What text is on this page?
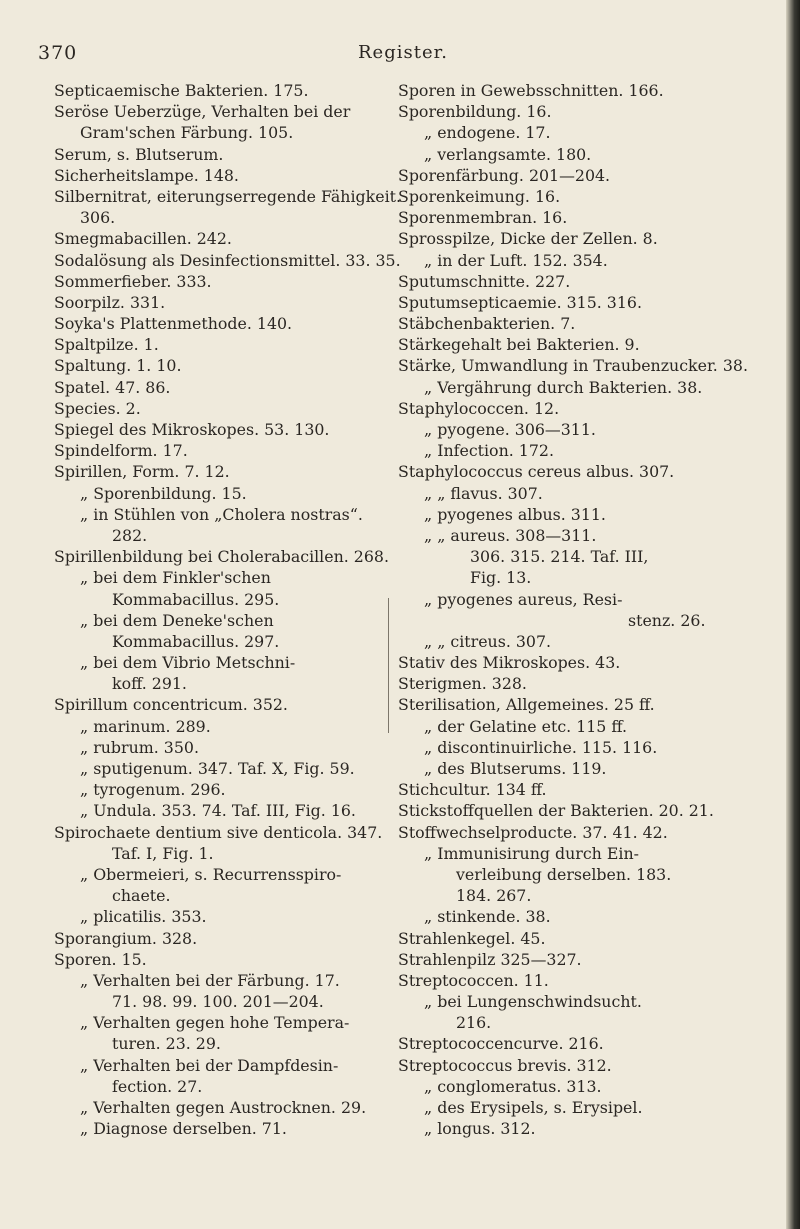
370	Register.
Septicaemische Bakterien. 175.
Seröse Ueberzüge, Verhalten bei der
Gram'schen Färbung. 105.
Serum, s. Blutserum.
Sicherheitslampe. 148.
Silbernitrat, eiterungserregende Fähigkeit.
306.
Smegmabacillen. 242.
Sodalösung als Desinfectionsmittel. 33. 35.
Sommerfieber. 333.
Soorpilz. 331.
Soyka's Plattenmethode. 140.
Spaltpilze. 1.
Spaltung. 1. 10.
Spatel. 47. 86.
Species. 2.
Spiegel des Mikroskopes. 53. 130.
Spindelform. 17.
Spirillen, Form. 7. 12.
„ Sporenbildung. 15.
„ in Stühlen von „Cholera nostras“.
282.
Spirillenbildung bei Cholerabacillen. 268.
„ bei dem Finkler'schen
Kommabacillus. 295.
„ bei dem Deneke'schen
Kommabacillus. 297.
„ bei dem Vibrio Metschni-
koff. 291.
Spirillum concentricum. 352.
„ marinum. 289.
„ rubrum. 350.
„ sputigenum. 347. Taf. X, Fig. 59.
„ tyrogenum. 296.
„ Undula. 353. 74. Taf. III, Fig. 16.
Spirochaete dentium sive denticola. 347.
Taf. I, Fig. 1.
„ Obermeieri, s. Recurrensspiro-
chaete.
„ plicatilis. 353.
Sporangium. 328.
Sporen. 15.
„ Verhalten bei der Färbung. 17.
71. 98. 99. 100. 201—204.
„ Verhalten gegen hohe Tempera-
turen. 23. 29.
„ Verhalten bei der Dampfdesin-
fection. 27.
„ Verhalten gegen Austrocknen. 29.
„ Diagnose derselben. 71.
Sporen in Gewebsschnitten. 166.
Sporenbildung. 16.
„ endogene. 17.
„ verlangsamte. 180.
Sporenfärbung. 201—204.
Sporenkeimung. 16.
Sporenmembran. 16.
Sprosspilze, Dicke der Zellen. 8.
„ in der Luft. 152. 354.
Sputumschnitte. 227.
Sputumsepticaemie. 315. 316.
Stäbchenbakterien. 7.
Stärkegehalt bei Bakterien. 9.
Stärke, Umwandlung in Traubenzucker. 38.
„ Vergährung durch Bakterien. 38.
Staphylococcen. 12.
„ pyogene. 306—311.
„ Infection. 172.
Staphylococcus cereus albus. 307.
„ „ flavus. 307.
„ pyogenes albus. 311.
„ „ aureus. 308—311.
306. 315. 214. Taf. III,
Fig. 13.
„ pyogenes aureus, Resi-
stenz. 26.
„ „ citreus. 307.
Stativ des Mikroskopes. 43.
Sterigmen. 328.
Sterilisation, Allgemeines. 25 ff.
„ der Gelatine etc. 115 ff.
„ discontinuirliche. 115. 116.
„ des Blutserums. 119.
Stichcultur. 134 ff.
Stickstoffquellen der Bakterien. 20. 21.
Stoffwechselproducte. 37. 41. 42.
„ Immunisirung durch Ein-
verleibung derselben. 183.
184. 267.
„ stinkende. 38.
Strahlenkegel. 45.
Strahlenpilz 325—327.
Streptococcen. 11.
„ bei Lungenschwindsucht.
216.
Streptococcencurve. 216.
Streptococcus brevis. 312.
„ conglomeratus. 313.
„ des Erysipels, s. Erysipel.
„ longus. 312.
